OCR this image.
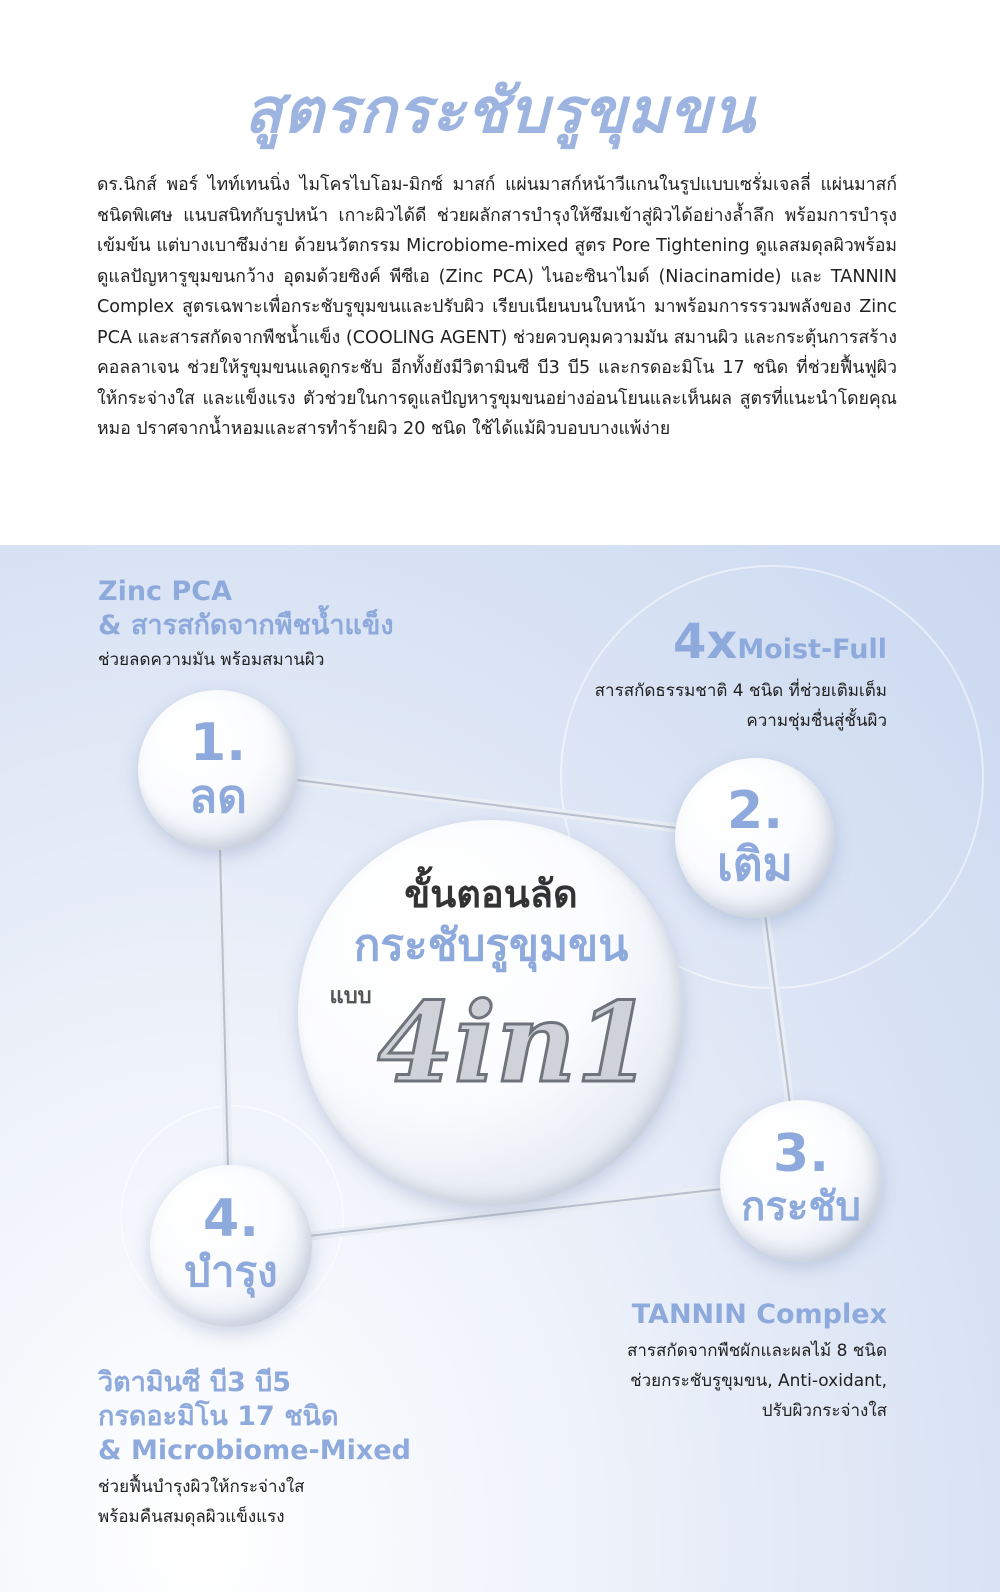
สูตรกระชับรูขุมขน
ดร.นิกส์ พอร์ ไทท์เทนนิ่ง ไมโครไบโอม-มิกซ์ มาสก์ แผ่นมาสก์หน้าวีแกนในรูปแบบเซรั่มเจลลี่ แผ่นมาสก์ชนิดพิเศษ แนบสนิทกับรูปหน้า เกาะผิวได้ดี ช่วยผลักสารบำรุงให้ซึมเข้าสู่ผิวได้อย่างล้ำลึก พร้อมการบำรุงเข้มข้น แต่บางเบาซึมง่าย ด้วยนวัตกรรม Microbiome-mixed สูตร Pore Tightening ดูแลสมดุลผิวพร้อมดูแลปัญหารูขุมขนกว้าง อุดมด้วยซิงค์ พีซีเอ (Zinc PCA) ไนอะซินาไมด์ (Niacinamide) และ TANNIN Complex สูตรเฉพาะเพื่อกระชับรูขุมขนและปรับผิว เรียบเนียนบนใบหน้า มาพร้อมการรรวมพลังของ Zinc PCA และสารสกัดจากพืชน้ำแข็ง (COOLING AGENT) ช่วยควบคุมความมัน สมานผิว และกระตุ้นการสร้างคอลลาเจน ช่วยให้รูขุมขนแลดูกระชับ อีกทั้งยังมีวิตามินซี บี3 บี5 และกรดอะมิโน 17 ชนิด ที่ช่วยฟื้นฟูผิวให้กระจ่างใส และแข็งแรง ตัวช่วยในการดูแลปัญหารูขุมขนอย่างอ่อนโยนและเห็นผล สูตรที่แนะนำโดยคุณหมอ ปราศจากน้ำหอมและสารทำร้ายผิว 20 ชนิด ใช้ได้แม้ผิวบอบบางแพ้ง่าย
Zinc PCA
& สารสกัดจากพืชน้ำแข็ง
ช่วยลดความมัน พร้อมสมานผิว	4xMoist-Full
สารสกัดธรรมชาติ 4 ชนิด ที่ช่วยเติมเต็ม
ความชุ่มชื่นสู่ชั้นผิว
TANNIN Complex
สารสกัดจากพืชผักและผลไม้ 8 ชนิด
ช่วยกระชับรูขุมขน, Anti-oxidant,
ปรับผิวกระจ่างใส
วิตามินซี บี3 บี5
กรดอะมิโน 17 ชนิด
& Microbiome-Mixed
ช่วยฟื้นบำรุงผิวให้กระจ่างใส
พร้อมคืนสมดุลผิวแข็งแรง
1.
ลด	2.
เติม
3.
กระชับ
4.
บำรุง
ขั้นตอนลัด
กระชับรูขุมขน
แบบ 4in1
